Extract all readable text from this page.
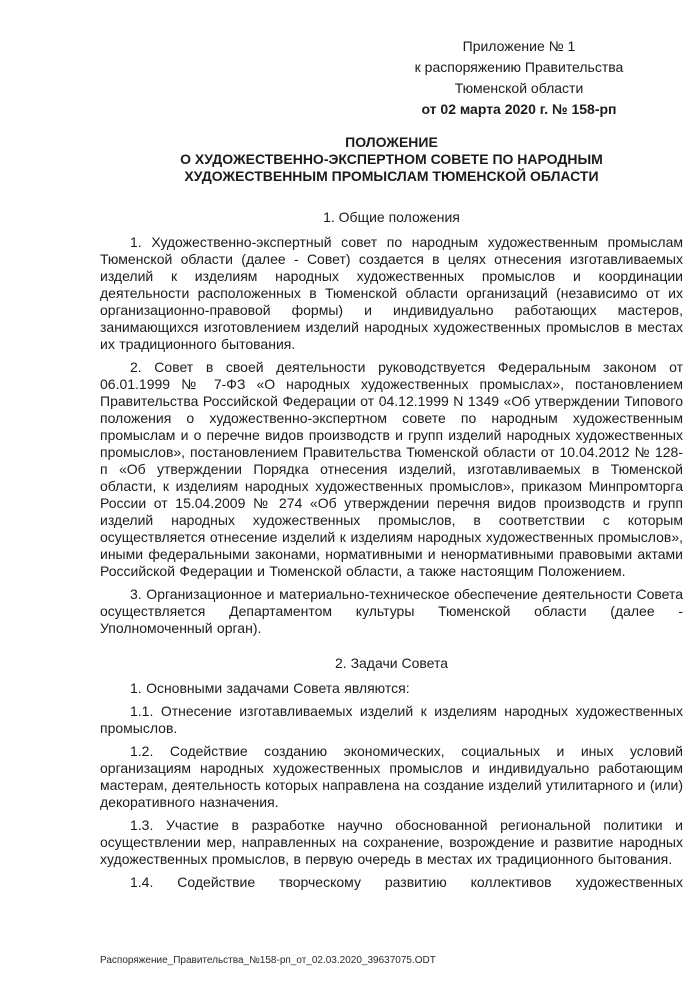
Приложение № 1
к распоряжению Правительства
Тюменской области
от 02 марта 2020 г. № 158-рп
ПОЛОЖЕНИЕ
О ХУДОЖЕСТВЕННО-ЭКСПЕРТНОМ СОВЕТЕ ПО НАРОДНЫМ
ХУДОЖЕСТВЕННЫМ ПРОМЫСЛАМ ТЮМЕНСКОЙ ОБЛАСТИ
1. Общие положения

1. Художественно-экспертный совет по народным художественным промыслам Тюменской области (далее - Совет) создается в целях отнесения изготавливаемых изделий к изделиям народных художественных промыслов и координации деятельности расположенных в Тюменской области организаций (независимо от их организационно-правовой формы) и индивидуально работающих мастеров, занимающихся изготовлением изделий народных художественных промыслов в местах их традиционного бытования.

2. Совет в своей деятельности руководствуется Федеральным законом от 06.01.1999 № 7-ФЗ «О народных художественных промыслах», постановлением Правительства Российской Федерации от 04.12.1999 N 1349 «Об утверждении Типового положения о художественно-экспертном совете по народным художественным промыслам и о перечне видов производств и групп изделий народных художественных промыслов», постановлением Правительства Тюменской области от 10.04.2012 № 128-п «Об утверждении Порядка отнесения изделий, изготавливаемых в Тюменской области, к изделиям народных художественных промыслов», приказом Минпромторга России от 15.04.2009 № 274 «Об утверждении перечня видов производств и групп изделий народных художественных промыслов, в соответствии с которым осуществляется отнесение изделий к изделиям народных художественных промыслов», иными федеральными законами, нормативными и ненормативными правовыми актами Российской Федерации и Тюменской области, а также настоящим Положением.

3. Организационное и материально-техническое обеспечение деятельности Совета осуществляется Департаментом культуры Тюменской области (далее - Уполномоченный орган).

2. Задачи Совета

1. Основными задачами Совета являются:

1.1. Отнесение изготавливаемых изделий к изделиям народных художественных промыслов.

1.2. Содействие созданию экономических, социальных и иных условий организациям народных художественных промыслов и индивидуально работающим мастерам, деятельность которых направлена на создание изделий утилитарного и (или) декоративного назначения.

1.3. Участие в разработке научно обоснованной региональной политики и осуществлении мер, направленных на сохранение, возрождение и развитие народных художественных промыслов, в первую очередь в местах их традиционного бытования.

1.4. Содействие творческому развитию коллективов художественных

Распоряжение_Правительства_№158-рп_от_02.03.2020_39637075.ODT
